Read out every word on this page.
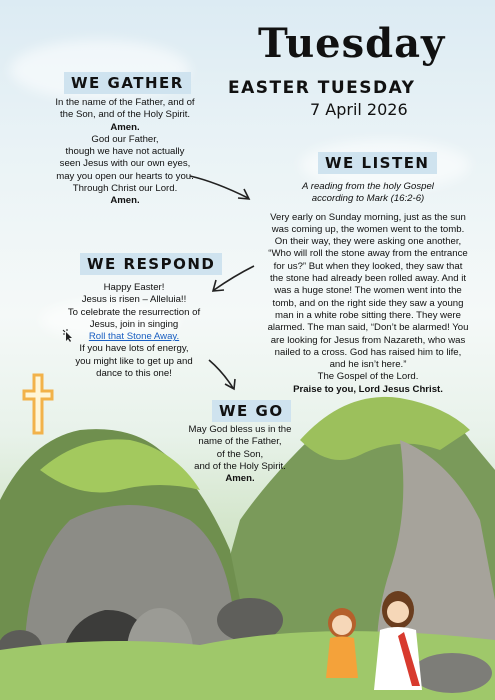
Tuesday
EASTER TUESDAY
7 April 2026
WE GATHER
In the name of the Father, and of
the Son, and of the Holy Spirit.
Amen.
God our Father,
though we have not actually
seen Jesus with our own eyes,
may you open our hearts to you.
Through Christ our Lord.
Amen.
WE LISTEN
A reading from the holy Gospel
according to Mark (16:2-6)
Very early on Sunday morning, just as the sun
was coming up, the women went to the tomb.
On their way, they were asking one another,
“Who will roll the stone away from the entrance
for us?” But when they looked, they saw that
the stone had already been rolled away. And it
was a huge stone! The women went into the
tomb, and on the right side they saw a young
man in a white robe sitting there. They were
alarmed. The man said, “Don’t be alarmed! You
are looking for Jesus from Nazareth, who was
nailed to a cross. God has raised him to life,
and he isn’t here.”
The Gospel of the Lord.
Praise to you, Lord Jesus Christ.
WE RESPOND
Happy Easter!
Jesus is risen – Alleluia!!
To celebrate the resurrection of
Jesus, join in singing
Roll that Stone Away.
If you have lots of energy,
you might like to get up and
dance to this one!
WE GO
May God bless us in the
name of the Father,
of the Son,
and of the Holy Spirit.
Amen.
